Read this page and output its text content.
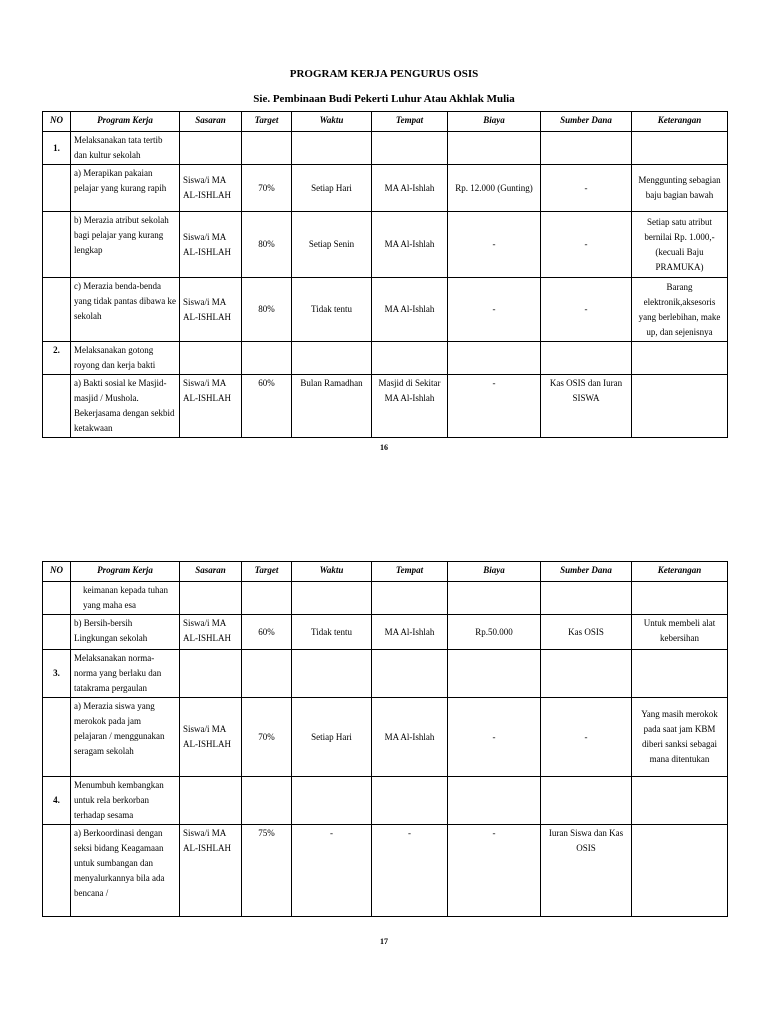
PROGRAM KERJA PENGURUS OSIS
Sie. Pembinaan Budi Pekerti Luhur Atau Akhlak Mulia
NO	Program Kerja	Sasaran	Target	Waktu	Tempat	Biaya	Sumber Dana	Keterangan
1.	Melaksanakan tata tertib dan kultur sekolah							
	a) Merapikan pakaian pelajar yang kurang rapih	Siswa/i MA AL-ISHLAH	70%	Setiap Hari	MA Al-Ishlah	Rp. 12.000 (Gunting)	-	Menggunting sebagian baju bagian bawah
	b) Merazia atribut sekolah bagi pelajar yang kurang lengkap	Siswa/i MA AL-ISHLAH	80%	Setiap Senin	MA Al-Ishlah	-	-	Setiap satu atribut bernilai Rp. 1.000,- (kecuali Baju PRAMUKA)
	c) Merazia benda-benda yang tidak pantas dibawa ke sekolah	Siswa/i MA AL-ISHLAH	80%	Tidak tentu	MA Al-Ishlah	-	-	Barang elektronik,aksesoris yang berlebihan, make up, dan sejenisnya
2.	Melaksanakan gotong royong dan kerja bakti							
	a) Bakti sosial ke Masjid-masjid / Mushola. Bekerjasama dengan sekbid ketakwaan	Siswa/i MA AL-ISHLAH	60%	Bulan Ramadhan	Masjid di Sekitar MA Al-Ishlah	-	Kas OSIS dan Iuran SISWA	
16
NO	Program Kerja	Sasaran	Target	Waktu	Tempat	Biaya	Sumber Dana	Keterangan
	keimanan kepada tuhan yang maha esa							
	b) Bersih-bersih Lingkungan sekolah	Siswa/i MA AL-ISHLAH	60%	Tidak tentu	MA Al-Ishlah	Rp.50.000	Kas OSIS	Untuk membeli alat kebersihan
3.	Melaksanakan norma-norma yang berlaku dan tatakrama pergaulan							
	a) Merazia siswa yang merokok pada jam pelajaran / menggunakan seragam sekolah	Siswa/i MA AL-ISHLAH	70%	Setiap Hari	MA Al-Ishlah	-	-	Yang masih merokok pada saat jam KBM diberi sanksi sebagai mana ditentukan
4.	Menumbuh kembangkan untuk rela berkorban terhadap sesama							
	a) Berkoordinasi dengan seksi bidang Keagamaan untuk sumbangan dan menyalurkannya bila ada bencana /	Siswa/i MA AL-ISHLAH	75%	-	-	-	Iuran Siswa dan Kas OSIS	
17
